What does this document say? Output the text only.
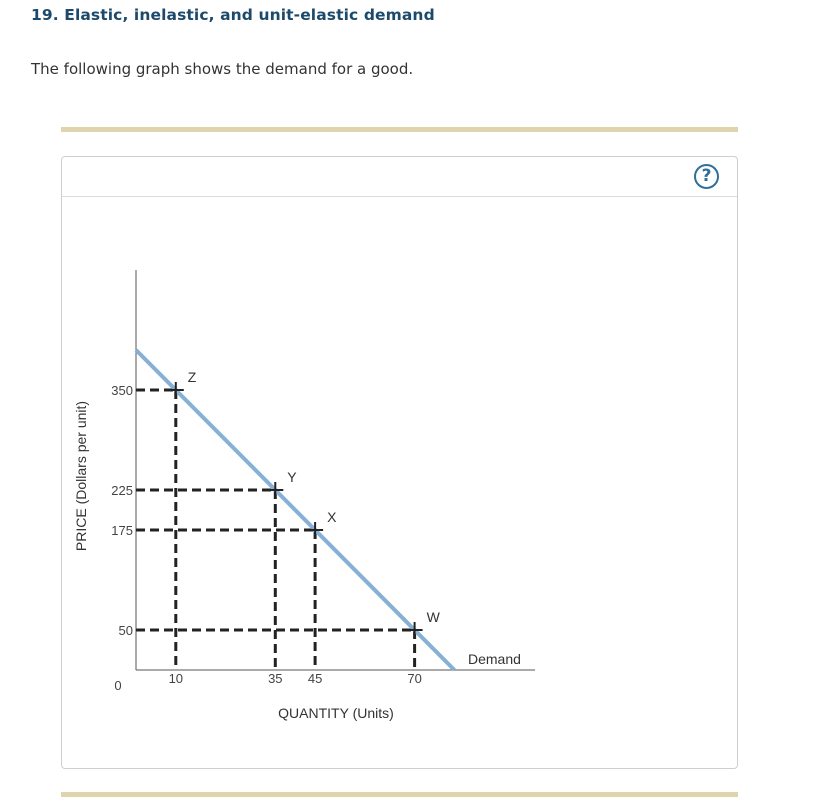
19. Elastic, inelastic, and unit-elastic demand
The following graph shows the demand for a good.
?
Z
Y
X
W
350
225
175
50
10	35 45	70
0
QUANTITY (Units)
PRICE (Dollars per unit)
Demand
